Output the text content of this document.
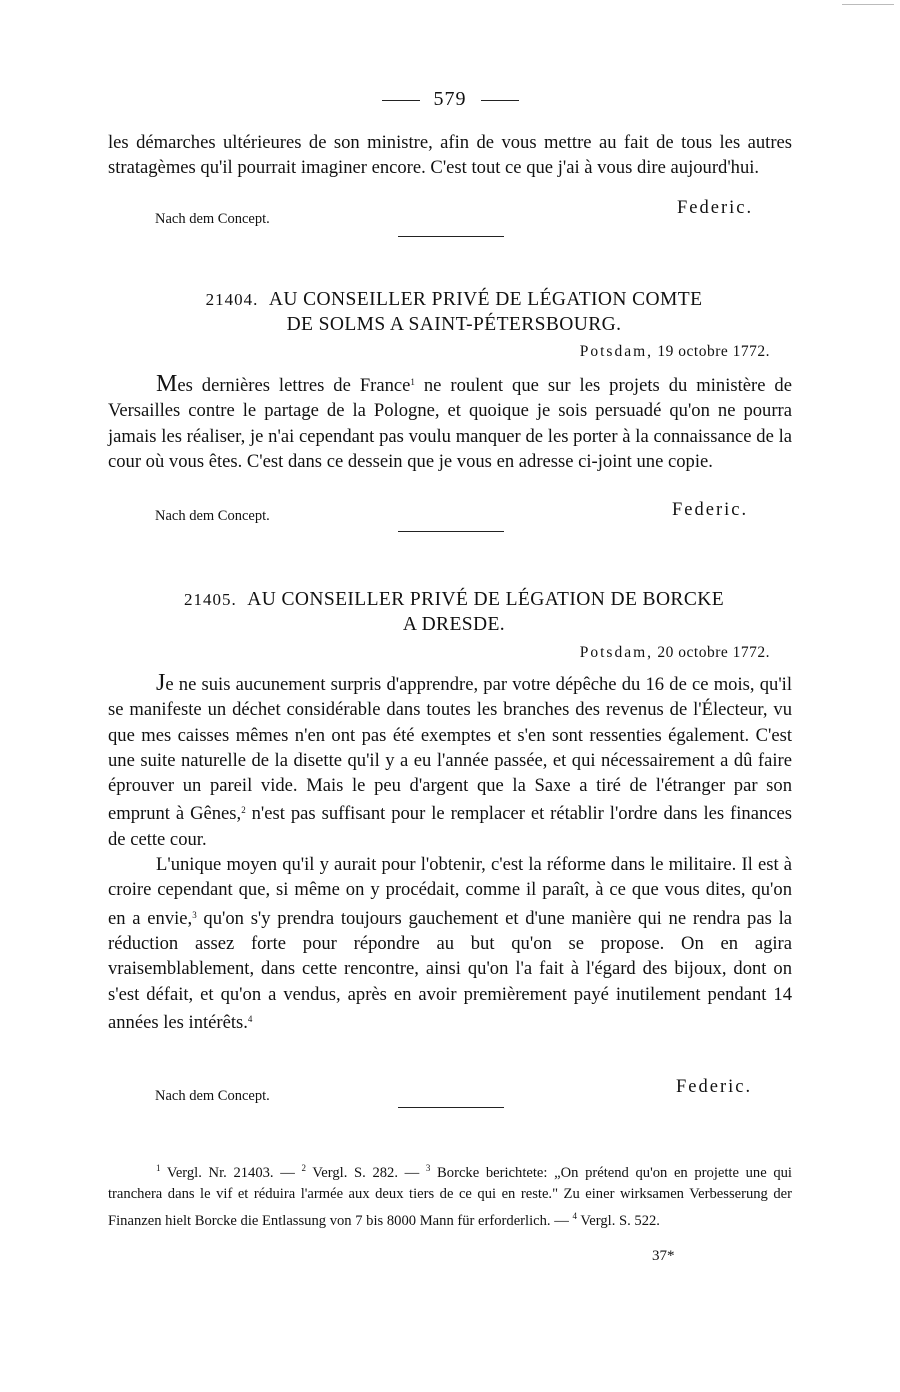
579

les démarches ultérieures de son ministre, afin de vous mettre au fait de tous les autres stratagèmes qu'il pourrait imaginer encore. C'est tout ce que j'ai à vous dire aujourd'hui.

Nach dem Concept.
Federic.
21404. AU CONSEILLER PRIVÉ DE LÉGATION COMTE
DE SOLMS A SAINT-PÉTERSBOURG.
Potsdam, 19 octobre 1772.

Mes dernières lettres de France$^1$ ne roulent que sur les projets du ministère de Versailles contre le partage de la Pologne, et quoique je sois persuadé qu'on ne pourra jamais les réaliser, je n'ai cependant pas voulu manquer de les porter à la connaissance de la cour où vous êtes. C'est dans ce dessein que je vous en adresse ci-joint une copie.

Nach dem Concept.	Federic.
21405. AU CONSEILLER PRIVÉ DE LÉGATION DE BORCKE
A DRESDE.
Potsdam, 20 octobre 1772.

Je ne suis aucunement surpris d'apprendre, par votre dépêche du 16 de ce mois, qu'il se manifeste un déchet considérable dans toutes les branches des revenus de l'Électeur, vu que mes caisses mêmes n'en ont pas été exemptes et s'en sont ressenties également. C'est une suite naturelle de la disette qu'il y a eu l'année passée, et qui nécessairement a dû faire éprouver un pareil vide. Mais le peu d'argent que la Saxe a tiré de l'étranger par son emprunt à Gênes,$^2$ n'est pas suffisant pour le remplacer et rétablir l'ordre dans les finances de cette cour.

L'unique moyen qu'il y aurait pour l'obtenir, c'est la réforme dans le militaire. Il est à croire cependant que, si même on y procédait, comme il paraît, à ce que vous dites, qu'on en a envie,$^3$ qu'on s'y prendra toujours gauchement et d'une manière qui ne rendra pas la réduction assez forte pour répondre au but qu'on se propose. On en agira vraisemblablement, dans cette rencontre, ainsi qu'on l'a fait à l'égard des bijoux, dont on s'est défait, et qu'on a vendus, après en avoir premièrement payé inutilement pendant 14 années les intérêts.$^4$

Nach dem Concept.	Federic.

$^1$ Vergl. Nr. 21403. — $^2$ Vergl. S. 282. — $^3$ Borcke berichtete: „On prétend qu'on en projette une qui tranchera dans le vif et réduira l'armée aux deux tiers de ce qui en reste." Zu einer wirksamen Verbesserung der Finanzen hielt Borcke die Entlassung von 7 bis 8000 Mann für erforderlich. — $^4$ Vergl. S. 522.

37*
